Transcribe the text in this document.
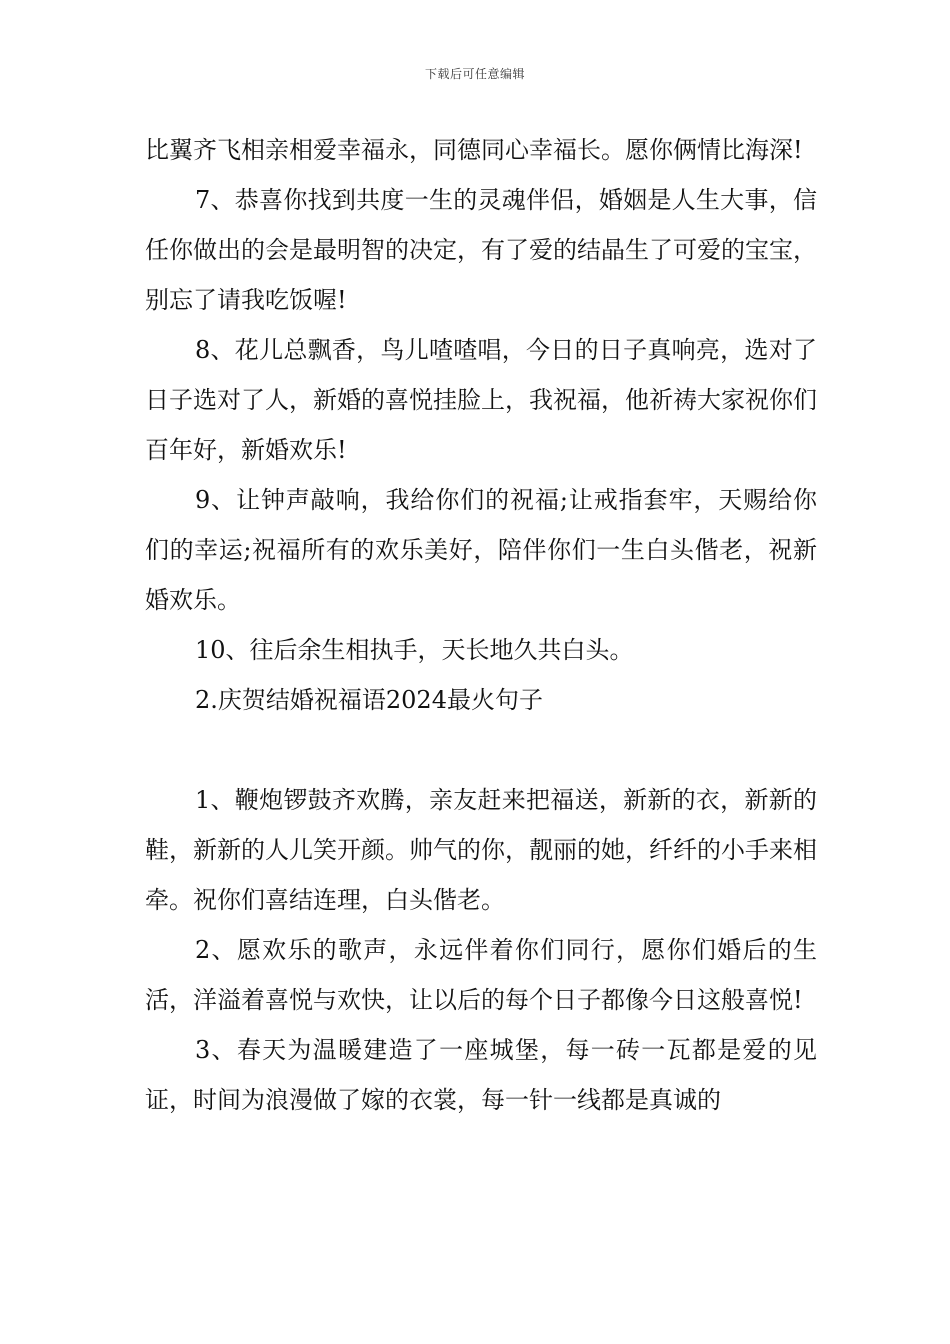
下载后可任意编辑

比翼齐飞相亲相爱幸福永，同德同心幸福长。愿你俩情比海深!

7、恭喜你找到共度一生的灵魂伴侣，婚姻是人生大事，信任你做出的会是最明智的决定，有了爱的结晶生了可爱的宝宝，别忘了请我吃饭喔!

8、花儿总飘香，鸟儿喳喳唱，今日的日子真响亮，选对了日子选对了人，新婚的喜悦挂脸上，我祝福，他祈祷大家祝你们百年好，新婚欢乐!

9、让钟声敲响，我给你们的祝福;让戒指套牢，天赐给你们的幸运;祝福所有的欢乐美好，陪伴你们一生白头偕老，祝新婚欢乐。

10、往后余生相执手，天长地久共白头。

2.庆贺结婚祝福语2024最火句子

1、鞭炮锣鼓齐欢腾，亲友赶来把福送，新新的衣，新新的鞋，新新的人儿笑开颜。帅气的你，靓丽的她，纤纤的小手来相牵。祝你们喜结连理，白头偕老。

2、愿欢乐的歌声，永远伴着你们同行，愿你们婚后的生活，洋溢着喜悦与欢快，让以后的每个日子都像今日这般喜悦!

3、春天为温暖建造了一座城堡，每一砖一瓦都是爱的见证，时间为浪漫做了嫁的衣裳，每一针一线都是真诚的
